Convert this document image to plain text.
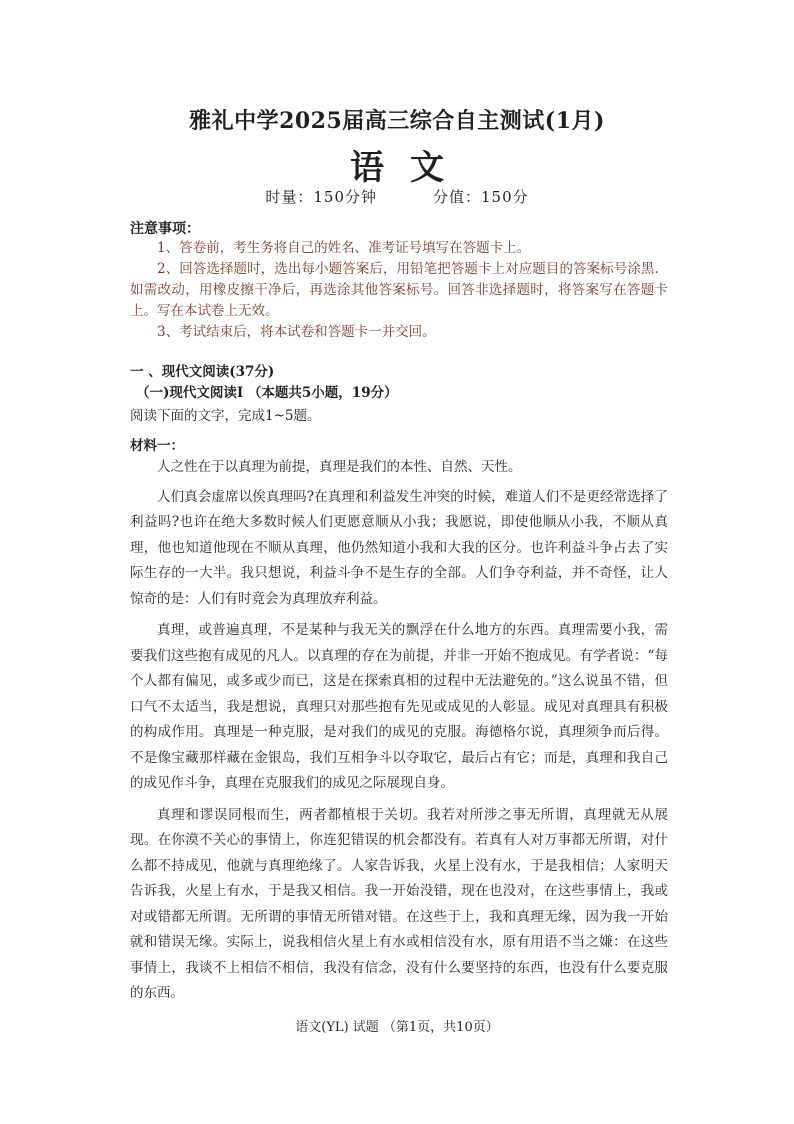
雅礼中学2025届高三综合自主测试(1月)
语文
时量：150分钟	分值：150分
注意事项：

1、答卷前，考生务将自己的姓名、准考证号填写在答题卡上。

2、回答选择题时，选出每小题答案后，用铅笔把答题卡上对应题目的答案标号涂黑．如需改动，用橡皮擦干净后，再选涂其他答案标号。回答非选择题时，将答案写在答题卡上。写在本试卷上无效。

3、考试结束后，将本试卷和答题卡一并交回。

一 、现代文阅读(37分)
（一)现代文阅读Ⅰ （本题共5小题，19分）
阅读下面的文字，完成1~5题。
材料一：

人之性在于以真理为前提，真理是我们的本性、自然、天性。

人们真会虚席以俟真理吗?在真理和利益发生冲突的时候，难道人们不是更经常选择了利益吗?也许在绝大多数时候人们更愿意顺从小我；我愿说，即使他顺从小我，不顺从真理，他也知道他现在不顺从真理，他仍然知道小我和大我的区分。也许利益斗争占去了实际生存的一大半。我只想说，利益斗争不是生存的全部。人们争夺利益，并不奇怪，让人惊奇的是：人们有时竟会为真理放弃利益。

真理，或普遍真理，不是某种与我无关的飘浮在什么地方的东西。真理需要小我，需要我们这些抱有成见的凡人。以真理的存在为前提，并非一开始不抱成见。有学者说：“每个人都有偏见，或多或少而已，这是在探索真相的过程中无法避免的。”这么说虽不错，但口气不太适当，我是想说，真理只对那些抱有先见或成见的人彰显。成见对真理具有积极的构成作用。真理是一种克服，是对我们的成见的克服。海德格尔说，真理须争而后得。不是像宝藏那样藏在金银岛，我们互相争斗以夺取它，最后占有它；而是，真理和我自己的成见作斗争，真理在克服我们的成见之际展现自身。

真理和谬误同根而生，两者都植根于关切。我若对所涉之事无所谓，真理就无从展现。在你漠不关心的事情上，你连犯错误的机会都没有。若真有人对万事都无所谓，对什么都不持成见，他就与真理绝缘了。人家告诉我，火星上没有水，于是我相信；人家明天告诉我，火星上有水，于是我又相信。我一开始没错，现在也没对，在这些事情上，我或对或错都无所谓。无所谓的事情无所错对错。在这些于上，我和真理无缘，因为我一开始就和错误无缘。实际上，说我相信火星上有水或相信没有水，原有用语不当之嫌：在这些事情上，我谈不上相信不相信，我没有信念，没有什么要坚持的东西，也没有什么要克服的东西。

语文(YL) 试题 （第1页，共10页）
